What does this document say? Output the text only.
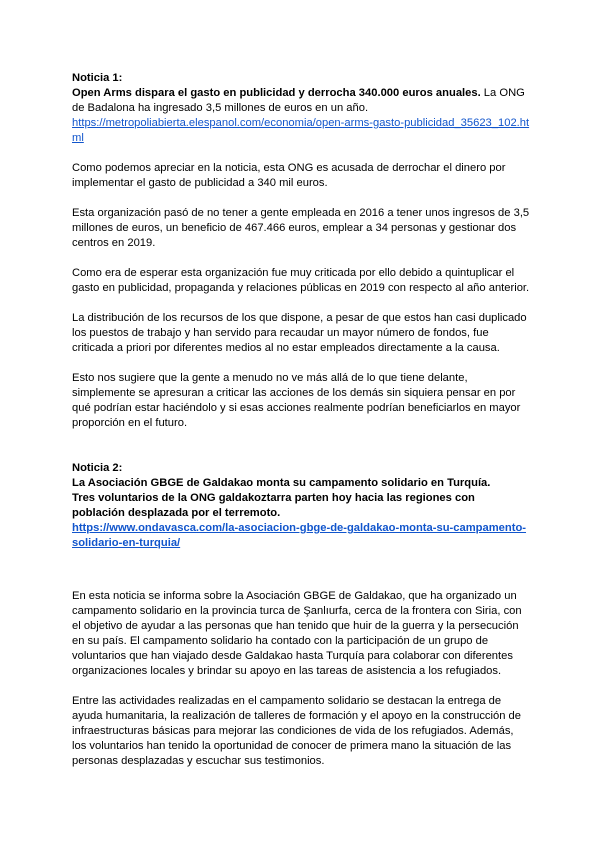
Noticia 1:

Open Arms dispara el gasto en publicidad y derrocha 340.000 euros anuales. La ONG de Badalona ha ingresado 3,5 millones de euros en un año.

https://metropoliabierta.elespanol.com/economia/open-arms-gasto-publicidad_35623_102.html

Como podemos apreciar en la noticia, esta ONG es acusada de derrochar el dinero por implementar el gasto de publicidad a 340 mil euros.

Esta organización pasó de no tener a gente empleada en 2016 a tener unos ingresos de 3,5 millones de euros, un beneficio de 467.466 euros, emplear a 34 personas y gestionar dos centros en 2019.

Como era de esperar esta organización fue muy criticada por ello debido a quintuplicar el gasto en publicidad, propaganda y relaciones públicas en 2019 con respecto al año anterior.

La distribución de los recursos de los que dispone, a pesar de que estos han casi duplicado los puestos de trabajo y han servido para recaudar un mayor número de fondos, fue criticada a priori por diferentes medios al no estar empleados directamente a la causa.

Esto nos sugiere que la gente a menudo no ve más allá de lo que tiene delante, simplemente se apresuran a criticar las acciones de los demás sin siquiera pensar en por qué podrían estar haciéndolo y si esas acciones realmente podrían beneficiarlos en mayor proporción en el futuro.

Noticia 2:

La Asociación GBGE de Galdakao monta su campamento solidario en Turquía.

Tres voluntarios de la ONG galdakoztarra parten hoy hacia las regiones con población desplazada por el terremoto.

https://www.ondavasca.com/la-asociacion-gbge-de-galdakao-monta-su-campamento-solidario-en-turquia/

En esta noticia se informa sobre la Asociación GBGE de Galdakao, que ha organizado un campamento solidario en la provincia turca de Şanlıurfa, cerca de la frontera con Siria, con el objetivo de ayudar a las personas que han tenido que huir de la guerra y la persecución en su país. El campamento solidario ha contado con la participación de un grupo de voluntarios que han viajado desde Galdakao hasta Turquía para colaborar con diferentes organizaciones locales y brindar su apoyo en las tareas de asistencia a los refugiados.

Entre las actividades realizadas en el campamento solidario se destacan la entrega de ayuda humanitaria, la realización de talleres de formación y el apoyo en la construcción de infraestructuras básicas para mejorar las condiciones de vida de los refugiados. Además, los voluntarios han tenido la oportunidad de conocer de primera mano la situación de las personas desplazadas y escuchar sus testimonios.
